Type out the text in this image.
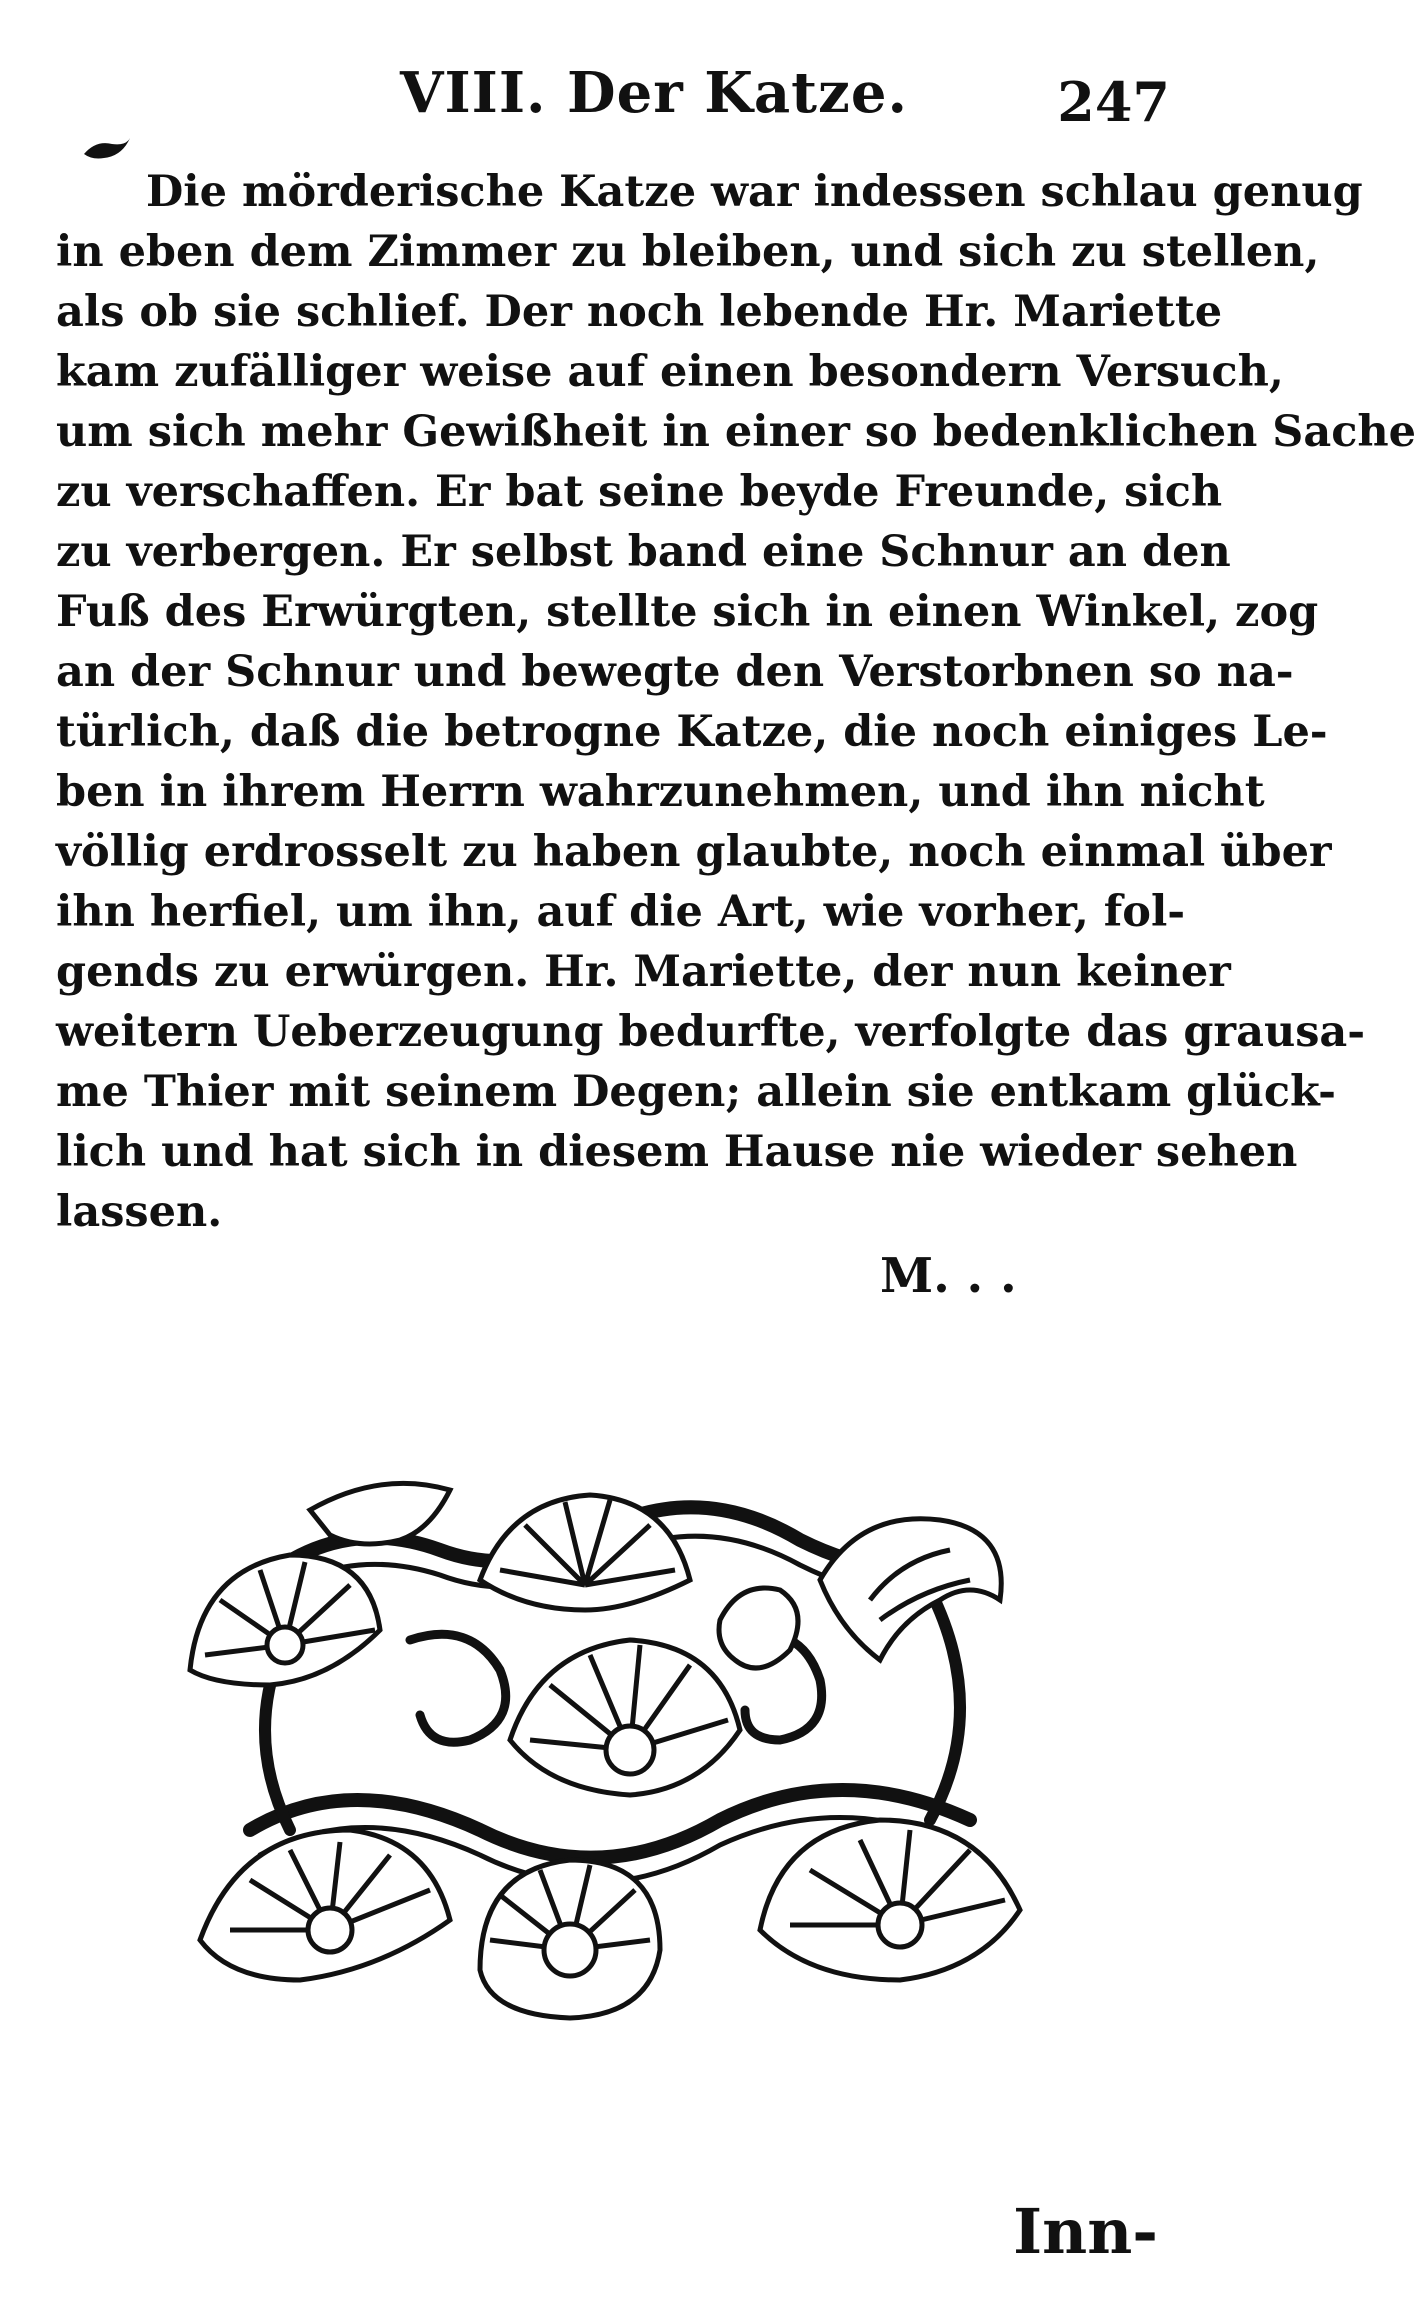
VIII. Der Katze.	247
Die mörderische Katze war indessen schlau genug
in eben dem Zimmer zu bleiben, und sich zu stellen,
als ob sie schlief. Der noch lebende Hr. Mariette
kam zufälliger weise auf einen besondern Versuch,
um sich mehr Gewißheit in einer so bedenklichen Sache
zu verschaffen. Er bat seine beyde Freunde, sich
zu verbergen. Er selbst band eine Schnur an den
Fuß des Erwürgten, stellte sich in einen Winkel, zog
an der Schnur und bewegte den Verstorbnen so na-
türlich, daß die betrogne Katze, die noch einiges Le-
ben in ihrem Herrn wahrzunehmen, und ihn nicht
völlig erdrosselt zu haben glaubte, noch einmal über
ihn herfiel, um ihn, auf die Art, wie vorher, fol-
gends zu erwürgen. Hr. Mariette, der nun keiner
weitern Ueberzeugung bedurfte, verfolgte das grausa-
me Thier mit seinem Degen; allein sie entkam glück-
lich und hat sich in diesem Hause nie wieder sehen
lassen.
M. . .
Inn-
